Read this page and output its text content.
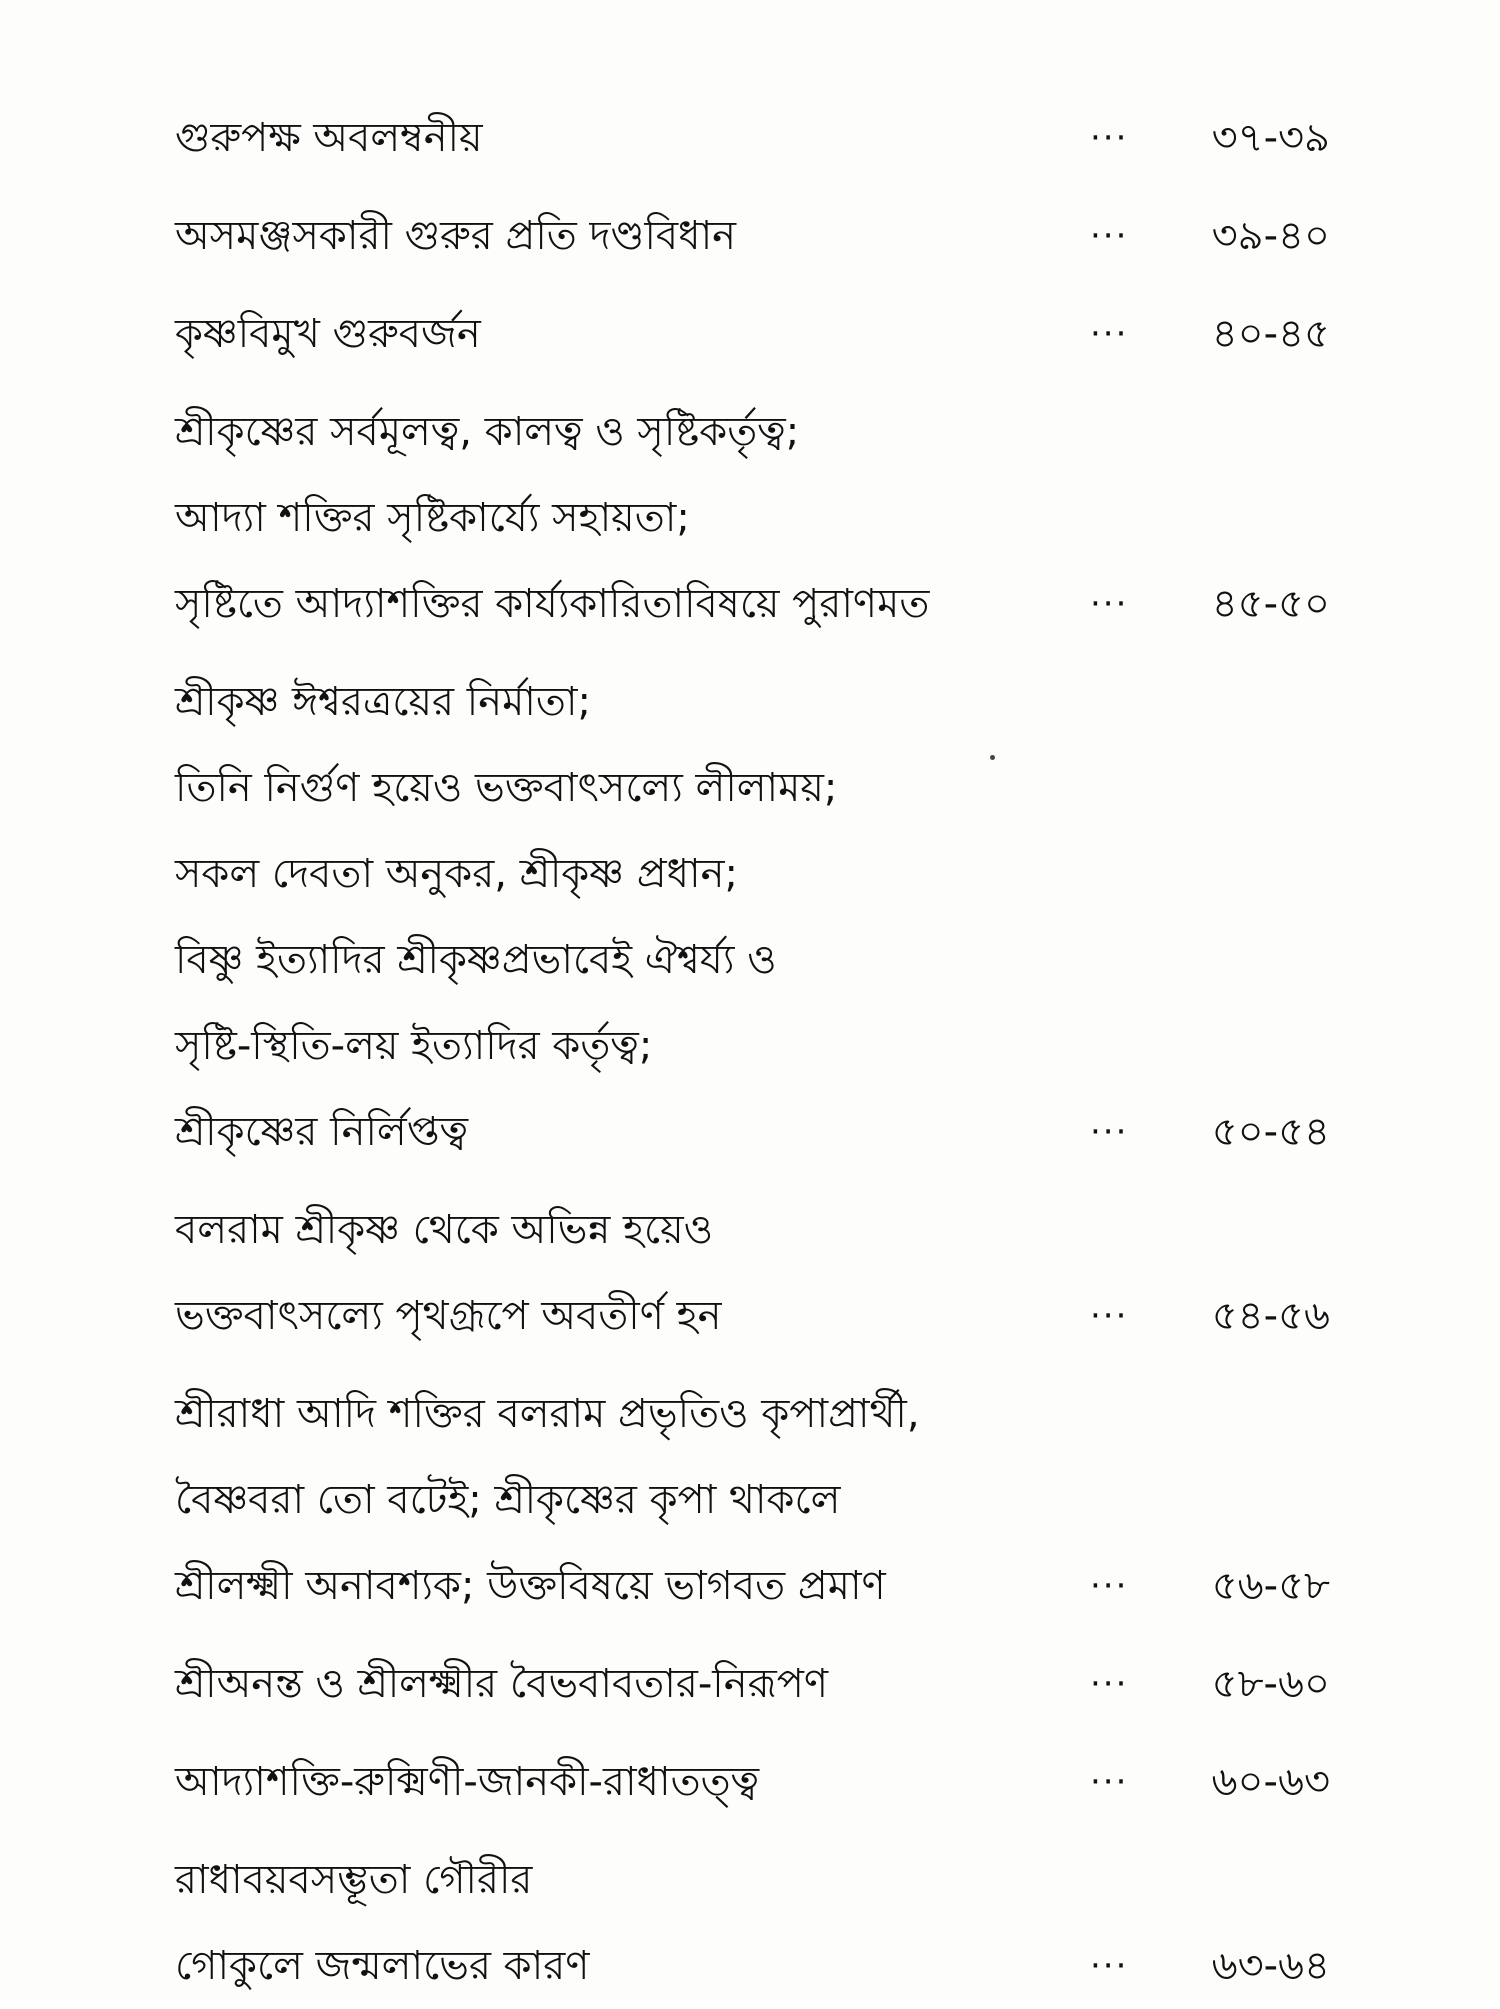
গুরুপক্ষ অবলম্বনীয়	··· ৩৭-৩৯
অসমঞ্জসকারী গুরুর প্রতি দণ্ডবিধান	··· ৩৯-৪০
কৃষ্ণবিমুখ গুরুবর্জন	··· ৪০-৪৫
শ্রীকৃষ্ণের সর্বমূলত্ব, কালত্ব ও সৃষ্টিকর্তৃত্ব;
আদ্যা শক্তির সৃষ্টিকার্য্যে সহায়তা;
সৃষ্টিতে আদ্যাশক্তির কার্য্যকারিতাবিষয়ে পুরাণমত	··· ৪৫-৫০
শ্রীকৃষ্ণ ঈশ্বরত্রয়ের নির্মাতা;
তিনি নির্গুণ হয়েও ভক্তবাৎসল্যে লীলাময়;
সকল দেবতা অনুকর, শ্রীকৃষ্ণ প্রধান;
বিষ্ণু ইত্যাদির শ্রীকৃষ্ণপ্রভাবেই ঐশ্বর্য্য ও
সৃষ্টি-স্থিতি-লয় ইত্যাদির কর্তৃত্ব;
শ্রীকৃষ্ণের নির্লিপ্তত্ব	··· ৫০-৫৪
বলরাম শ্রীকৃষ্ণ থেকে অভিন্ন হয়েও
ভক্তবাৎসল্যে পৃথগ্রূপে অবতীর্ণ হন	··· ৫৪-৫৬
শ্রীরাধা আদি শক্তির বলরাম প্রভৃতিও কৃপাপ্রার্থী,
বৈষ্ণবরা তো বটেই; শ্রীকৃষ্ণের কৃপা থাকলে
শ্রীলক্ষ্মী অনাবশ্যক; উক্তবিষয়ে ভাগবত প্রমাণ	··· ৫৬-৫৮
শ্রীঅনন্ত ও শ্রীলক্ষ্মীর বৈভবাবতার-নিরূপণ	··· ৫৮-৬০
আদ্যাশক্তি-রুক্মিণী-জানকী-রাধাতত্ত্ব	··· ৬০-৬৩
রাধাবয়বসম্ভূতা গৌরীর
গোকুলে জন্মলাভের কারণ	··· ৬৩-৬৪
